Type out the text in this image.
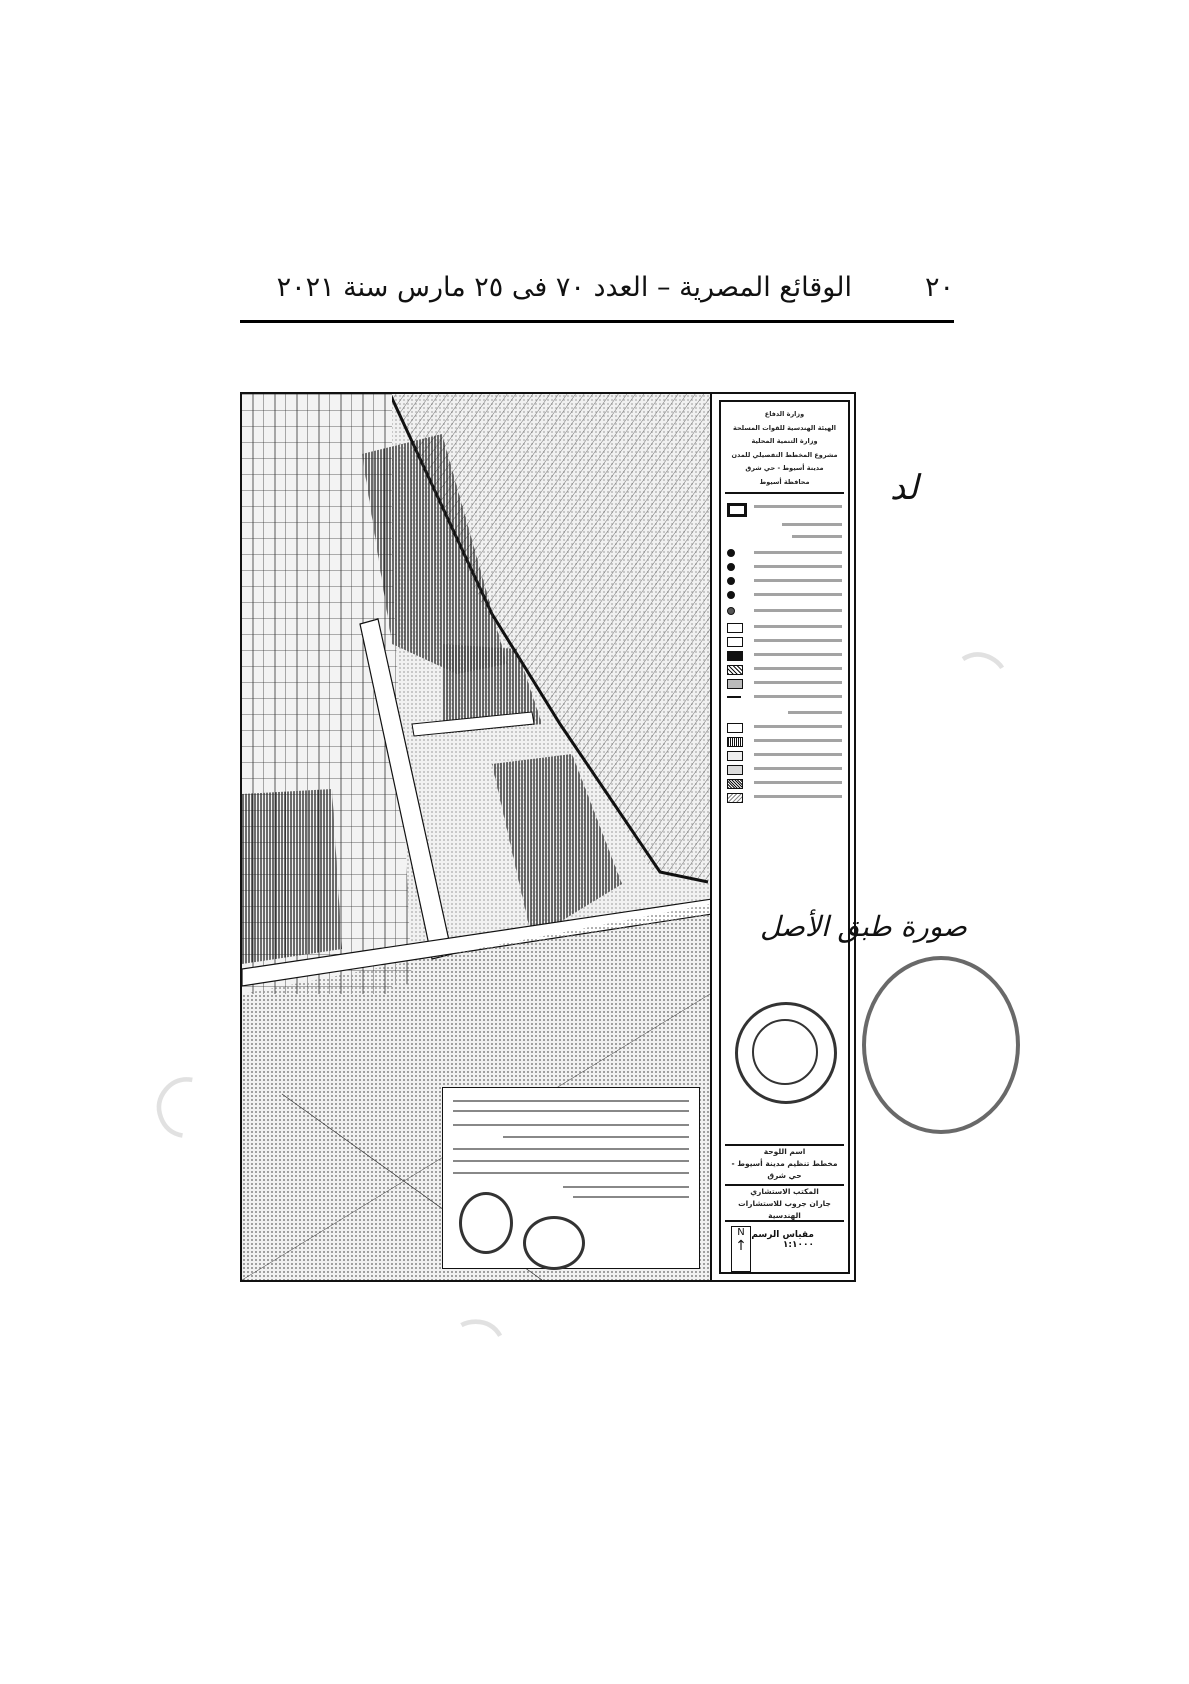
٢٠
الوقائع المصرية – العدد ٧٠ فى ٢٥ مارس سنة ٢٠٢١
وزارة الدفاع
الهيئة الهندسية للقوات المسلحة
وزارة التنمية المحلية
مشروع المخطط التفصيلي للمدن
مدينة أسيوط - حي شرق
محافظة أسيوط
اسم اللوحة
مخطط تنظيم مدينة أسيوط - حي شرق
المكتب الاستشاري
جاران جروب للاستشارات الهندسية
مقياس الرسم ١:١٠٠٠
N
↑
لد
صورة طبق الأصل
◜
◝
◠
